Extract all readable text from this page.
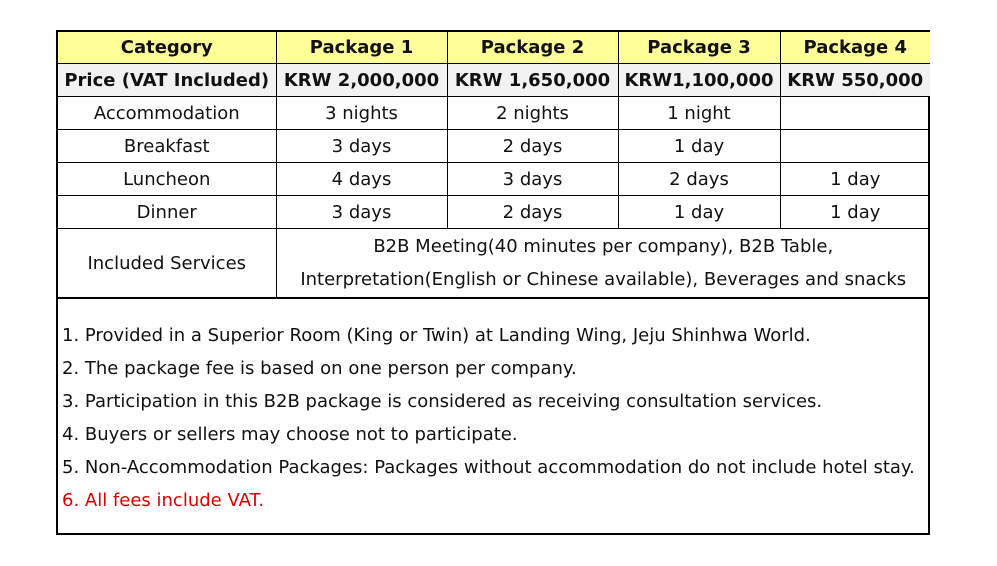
Category	Package 1	Package 2	Package 3	Package 4
Price (VAT Included)	KRW 2,000,000	KRW 1,650,000	KRW1,100,000	KRW 550,000
Accommodation	3 nights	2 nights	1 night	
Breakfast	3 days	2 days	1 day	
Luncheon	4 days	3 days	2 days	1 day
Dinner	3 days	2 days	1 day	1 day
Included Services	B2B Meeting(40 minutes per company), B2B Table,
Interpretation(English or Chinese available), Beverages and snacks			
1. Provided in a Superior Room (King or Twin) at Landing Wing, Jeju Shinhwa World.
2. The package fee is based on one person per company.
3. Participation in this B2B package is considered as receiving consultation services.
4. Buyers or sellers may choose not to participate.
5. Non-Accommodation Packages: Packages without accommodation do not include hotel stay.
6. All fees include VAT.
